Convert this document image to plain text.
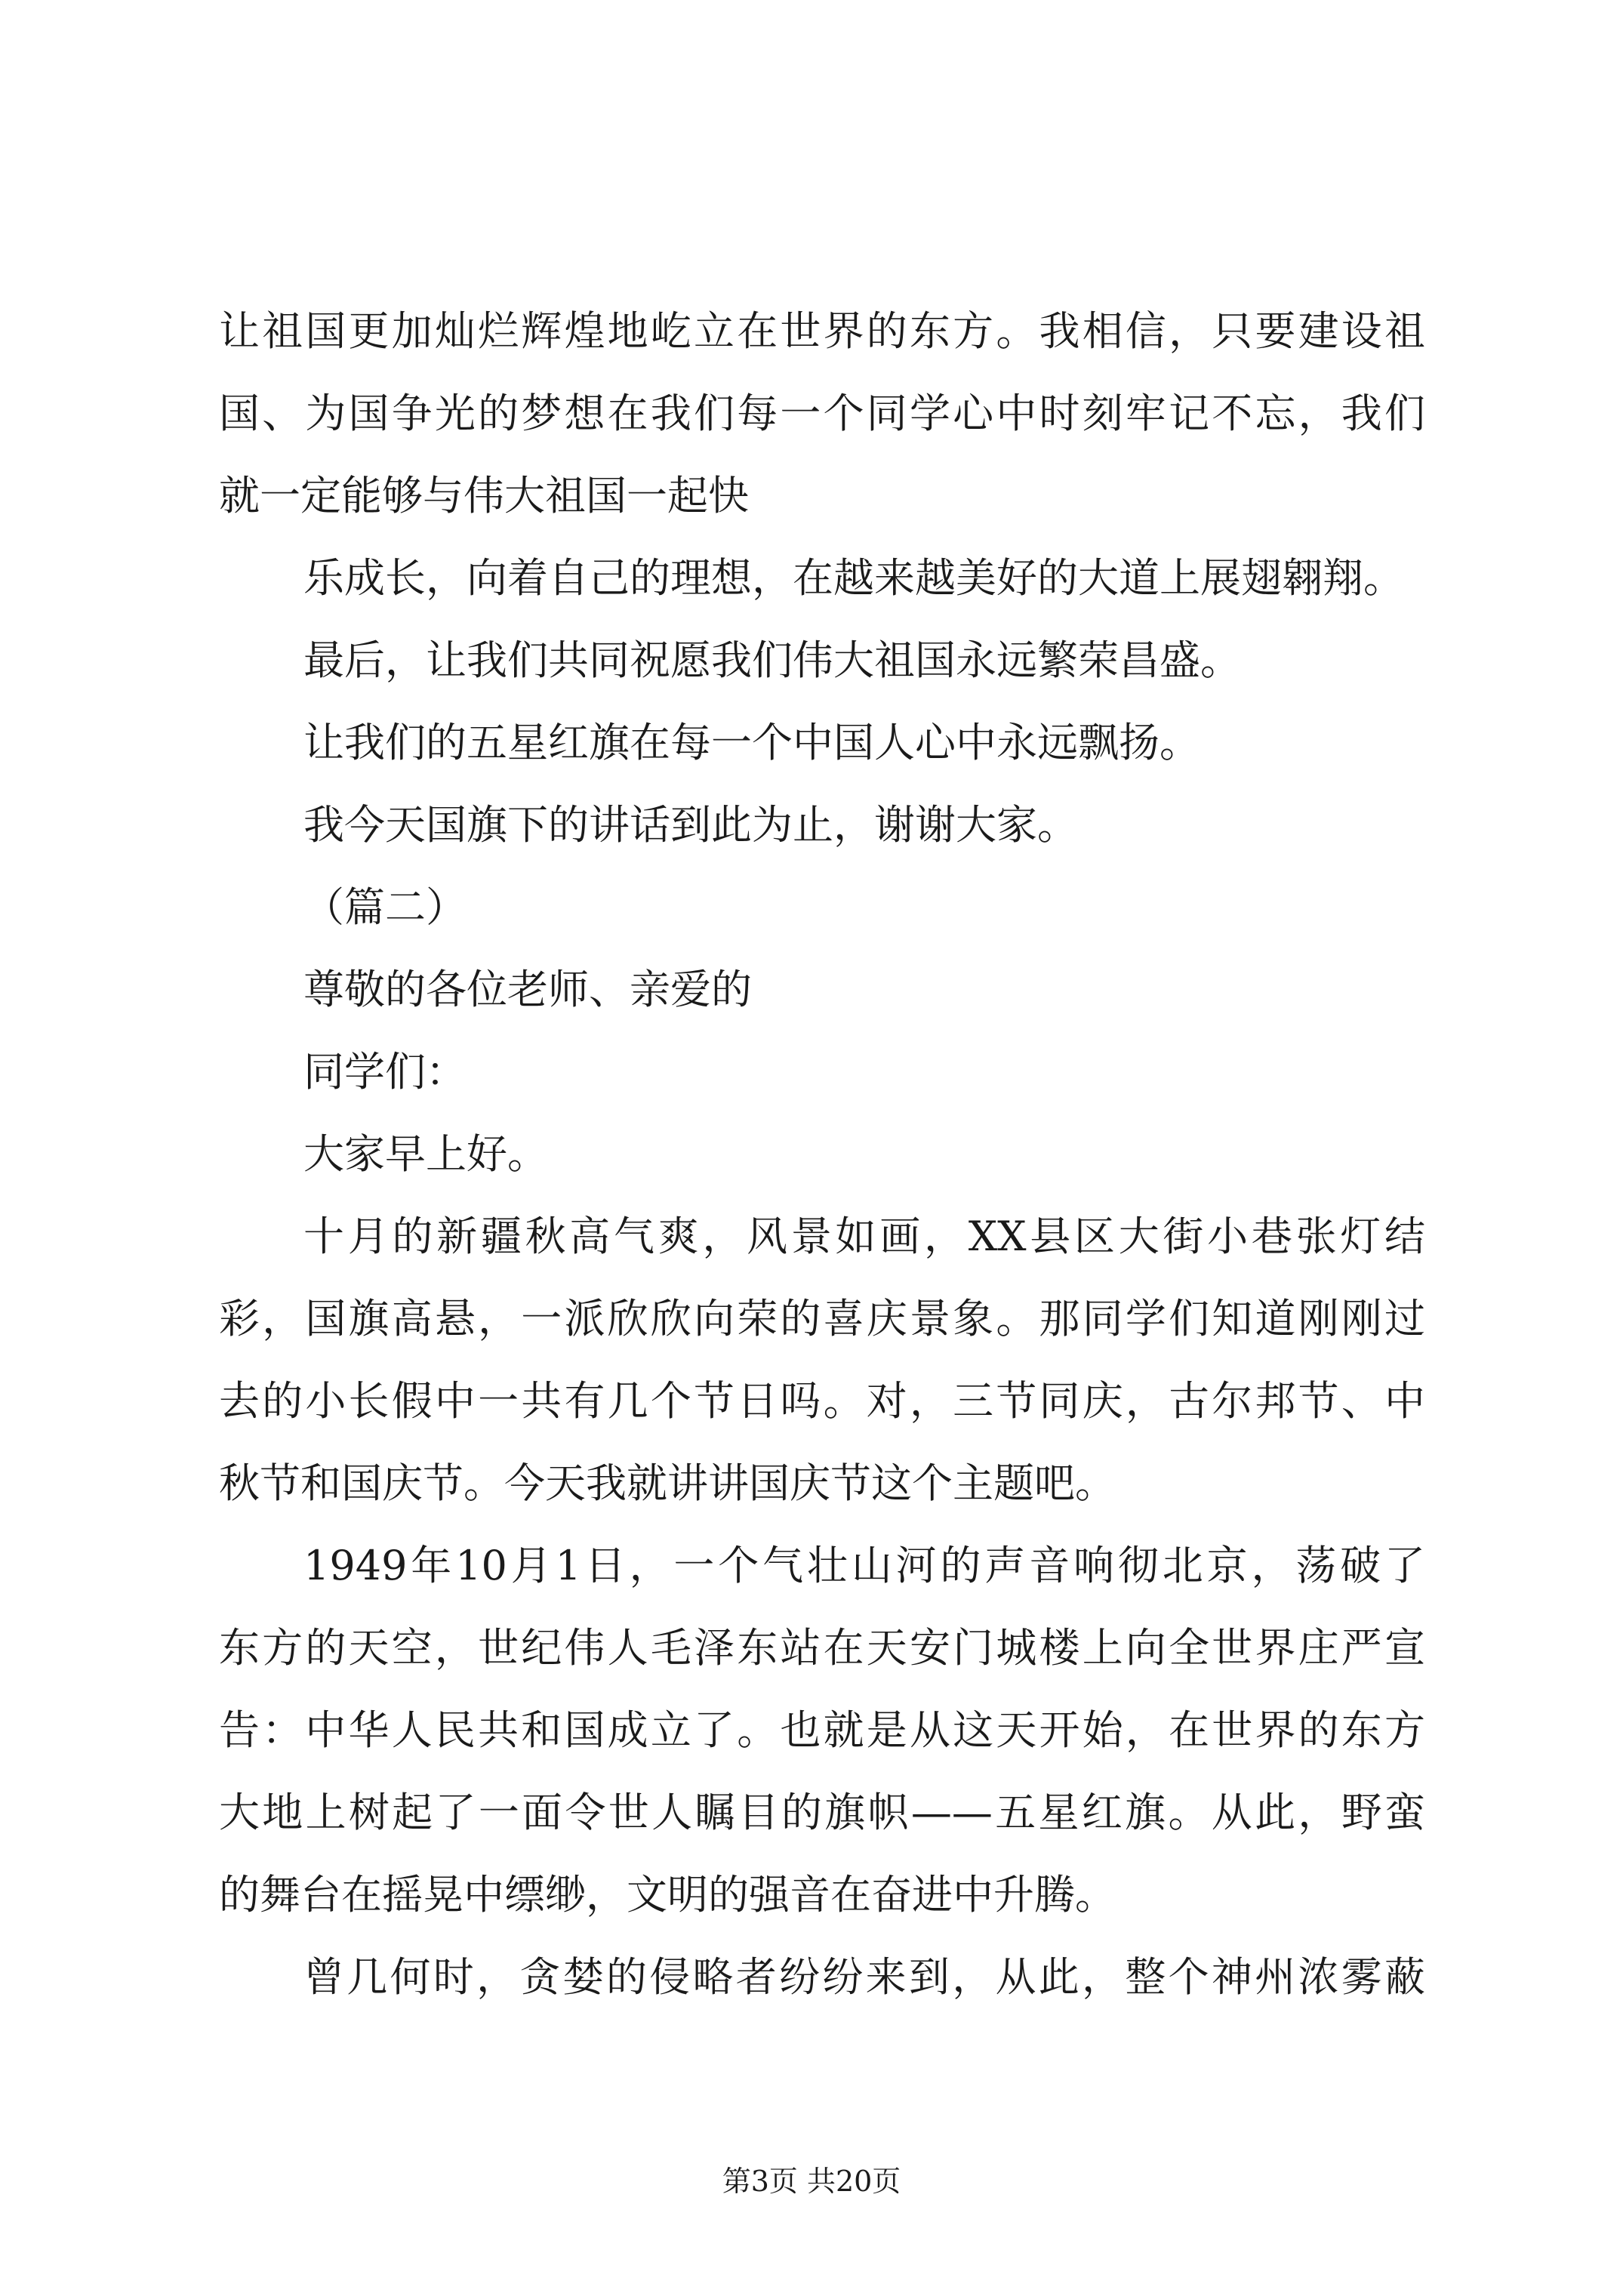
让祖国更加灿烂辉煌地屹立在世界的东方。我相信，只要建设祖
国、为国争光的梦想在我们每一个同学心中时刻牢记不忘，我们
就一定能够与伟大祖国一起快
乐成长，向着自己的理想，在越来越美好的大道上展翅翱翔。
最后，让我们共同祝愿我们伟大祖国永远繁荣昌盛。
让我们的五星红旗在每一个中国人心中永远飘扬。
我今天国旗下的讲话到此为止，谢谢大家。
（篇二）
尊敬的各位老师、亲爱的
同学们：
大家早上好。
十月的新疆秋高气爽，风景如画，XX县区大街小巷张灯结
彩，国旗高悬，一派欣欣向荣的喜庆景象。那同学们知道刚刚过
去的小长假中一共有几个节日吗。对，三节同庆，古尔邦节、中
秋节和国庆节。今天我就讲讲国庆节这个主题吧。
1949年10月1日，一个气壮山河的声音响彻北京，荡破了
东方的天空，世纪伟人毛泽东站在天安门城楼上向全世界庄严宣
告：中华人民共和国成立了。也就是从这天开始，在世界的东方
大地上树起了一面令世人瞩目的旗帜——五星红旗。从此，野蛮
的舞台在摇晃中缥缈，文明的强音在奋进中升腾。
曾几何时，贪婪的侵略者纷纷来到，从此，整个神州浓雾蔽
第3页 共20页
